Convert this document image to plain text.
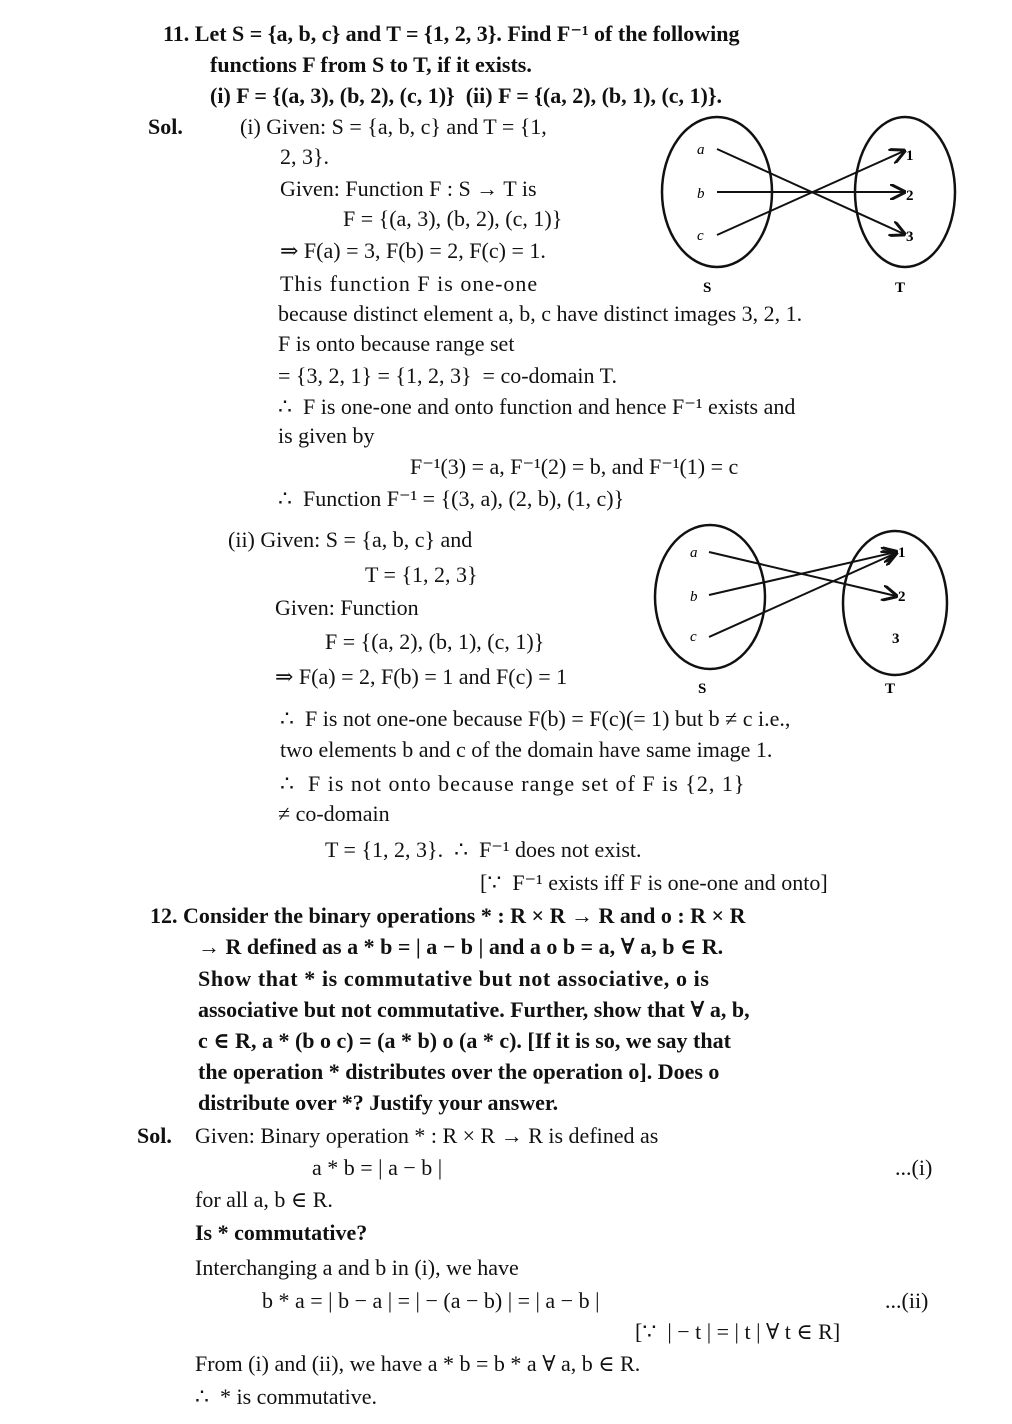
11. Let S = {a, b, c} and T = {1, 2, 3}. Find F⁻¹ of the following
functions F from S to T, if it exists.
(i) F = {(a, 3), (b, 2), (c, 1)}  (ii) F = {(a, 2), (b, 1), (c, 1)}.
Sol.	(i) Given: S = {a, b, c} and T = {1,
2, 3}.
Given: Function F : S → T is
F = {(a, 3), (b, 2), (c, 1)}
⇒ F(a) = 3, F(b) = 2, F(c) = 1.
This function F is one-one
because distinct element a, b, c have distinct images 3, 2, 1.
F is onto because range set
= {3, 2, 1} = {1, 2, 3}  = co-domain T.
∴  F is one-one and onto function and hence F⁻¹ exists and
is given by
F⁻¹(3) = a, F⁻¹(2) = b, and F⁻¹(1) = c
∴  Function F⁻¹ = {(3, a), (2, b), (1, c)}
(ii) Given: S = {a, b, c} and
T = {1, 2, 3}
Given: Function
F = {(a, 2), (b, 1), (c, 1)}
⇒ F(a) = 2, F(b) = 1 and F(c) = 1
∴  F is not one-one because F(b) = F(c)(= 1) but b ≠ c i.e.,
two elements b and c of the domain have same image 1.
∴  F is not onto because range set of F is {2, 1}
≠ co-domain
T = {1, 2, 3}.  ∴  F⁻¹ does not exist.
[∵  F⁻¹ exists iff F is one-one and onto]
a
b
c
1
2
3
S	T
a
b
c
1
2
3
S	T
12. Consider the binary operations * : R × R → R and o : R × R
→ R defined as a * b = | a − b | and a o b = a, ∀ a, b ∈ R.
Show that * is commutative but not associative, o is
associative but not commutative. Further, show that ∀ a, b,
c ∈ R, a * (b o c) = (a * b) o (a * c). [If it is so, we say that
the operation * distributes over the operation o]. Does o
distribute over *? Justify your answer.
Sol. Given: Binary operation * : R × R → R is defined as
a * b = | a − b |	...(i)
for all a, b ∈ R.
Is * commutative?
Interchanging a and b in (i), we have
b * a = | b − a | = | − (a − b) | = | a − b |	...(ii)
[∵  | − t | = | t | ∀ t ∈ R]
From (i) and (ii), we have a * b = b * a ∀ a, b ∈ R.
∴  * is commutative.
